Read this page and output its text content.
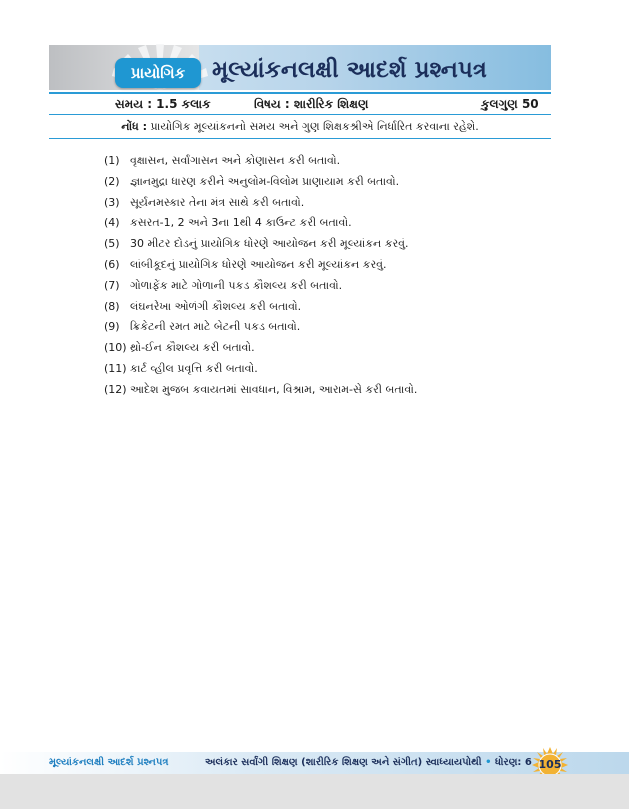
પ્રાયોગિક	મૂલ્યાંકનલક્ષી આદર્શ પ્રશ્નપત્ર
સમય : 1.5 કલાક	વિષય : શારીરિક શિક્ષણ	કુલગુણ 50
નોંધ : પ્રાયોગિક મૂલ્યાંકનનો સમય અને ગુણ શિક્ષકશ્રીએ નિર્ધારિત કરવાના રહેશે.
(1) વૃક્ષાસન, સર્વાંગાસન અને કોણાસન કરી બતાવો.
(2) જ્ઞાનમુદ્રા ધારણ કરીને અનુલોમ-વિલોમ પ્રાણાયામ કરી બતાવો.
(3) સૂર્યનમસ્કાર તેના મંત્ર સાથે કરી બતાવો.
(4) કસરત-1, 2 અને 3ના 1થી 4 કાઉન્ટ કરી બતાવો.
(5) 30 મીટર દોડનું પ્રાયોગિક ધોરણે આયોજન કરી મૂલ્યાંકન કરવું.
(6) લાંબીકૂદનું પ્રાયોગિક ધોરણે આયોજન કરી મૂલ્યાંકન કરવું.
(7) ગોળાફેંક માટે ગોળાની પકડ કૌશલ્ય કરી બતાવો.
(8) લંઘનરેખા ઓળંગી કૌશલ્ય કરી બતાવો.
(9) ક્રિકેટની રમત માટે બેટની પકડ બતાવો.
(10) થ્રો-ઈન કૌશલ્ય કરી બતાવો.
(11) કાર્ટ વ્હીલ પ્રવૃત્તિ કરી બતાવો.
(12) આદેશ મુજબ કવાયતમાં સાવધાન, વિશ્રામ, આરામ-સે કરી બતાવો.
મૂલ્યાંકનલક્ષી આદર્શ પ્રશ્નપત્ર	અલંકાર સર્વાંગી શિક્ષણ (શારીરિક શિક્ષણ અને સંગીત) સ્વાધ્યાયપોથી • ધોરણ: 6 105
